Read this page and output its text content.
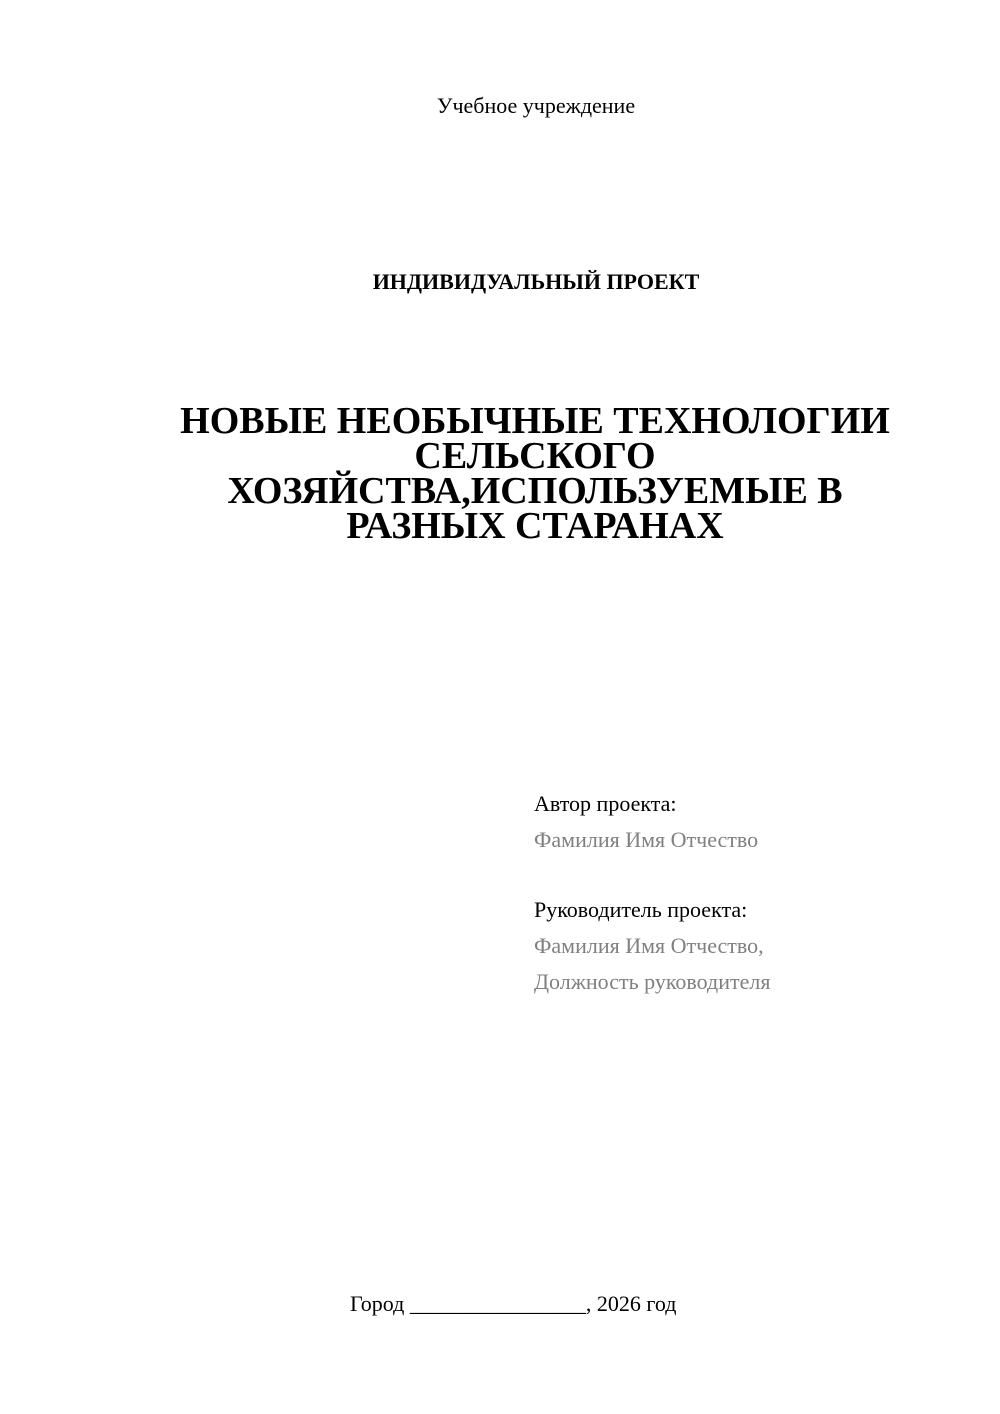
Учебное учреждение
ИНДИВИДУАЛЬНЫЙ ПРОЕКТ
НОВЫЕ НЕОБЫЧНЫЕ ТЕХНОЛОГИИ
СЕЛЬСКОГО
ХОЗЯЙСТВА,ИСПОЛЬЗУЕМЫЕ В
РАЗНЫХ СТАРАНАХ
Автор проекта:
Фамилия Имя Отчество
Руководитель проекта:
Фамилия Имя Отчество,
Должность руководителя
Город ________________, 2026 год
